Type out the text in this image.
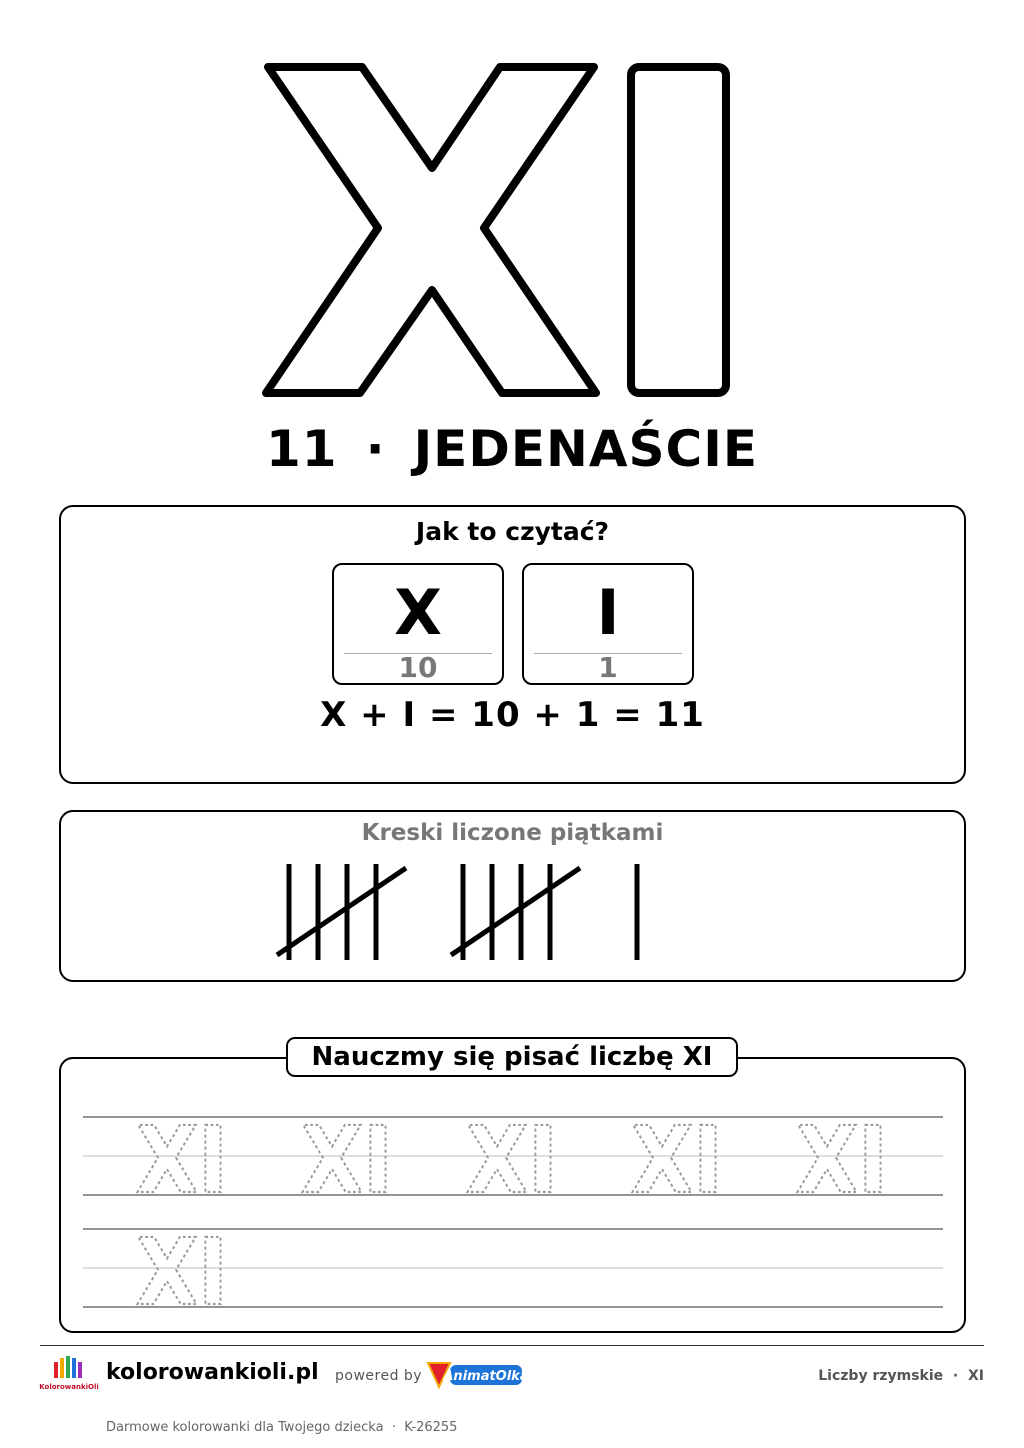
11 · JEDENAŚCIE
Jak to czytać?
X
10
I
1
X + I = 10 + 1 = 11
Kreski liczone piątkami
XI XI XI XI XI
XI
Nauczmy się pisać liczbę XI
KolorowankiOli
kolorowankioli.pl powered by AnimatOlka	Liczby rzymskie · XI
Darmowe kolorowanki dla Twojego dziecka · K-26255
